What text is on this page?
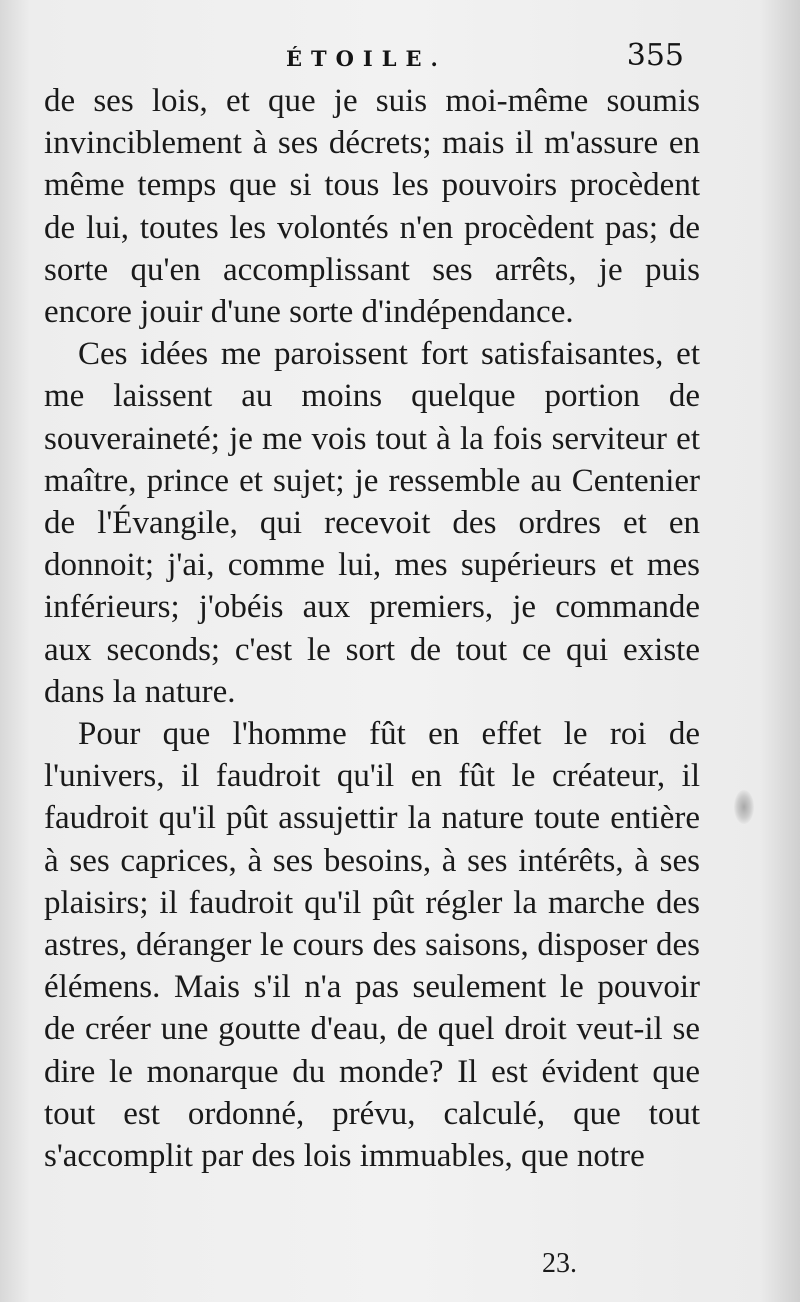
ÉTOILE.	355

de ses lois, et que je suis moi-même soumis invinciblement à ses décrets; mais il m'assure en même temps que si tous les pouvoirs procèdent de lui, toutes les volontés n'en procèdent pas; de sorte qu'en accomplissant ses arrêts, je puis encore jouir d'une sorte d'indépendance.

Ces idées me paroissent fort satisfaisantes, et me laissent au moins quelque portion de souveraineté; je me vois tout à la fois serviteur et maître, prince et sujet; je ressemble au Centenier de l'Évangile, qui recevoit des ordres et en donnoit; j'ai, comme lui, mes supérieurs et mes inférieurs; j'obéis aux premiers, je commande aux seconds; c'est le sort de tout ce qui existe dans la nature.

Pour que l'homme fût en effet le roi de l'univers, il faudroit qu'il en fût le créateur, il faudroit qu'il pût assujettir la nature toute entière à ses caprices, à ses besoins, à ses intérêts, à ses plaisirs; il faudroit qu'il pût régler la marche des astres, déranger le cours des saisons, disposer des élémens. Mais s'il n'a pas seulement le pouvoir de créer une goutte d'eau, de quel droit veut-il se dire le monarque du monde? Il est évident que tout est ordonné, prévu, calculé, que tout s'accomplit par des lois immuables, que notre

23.
